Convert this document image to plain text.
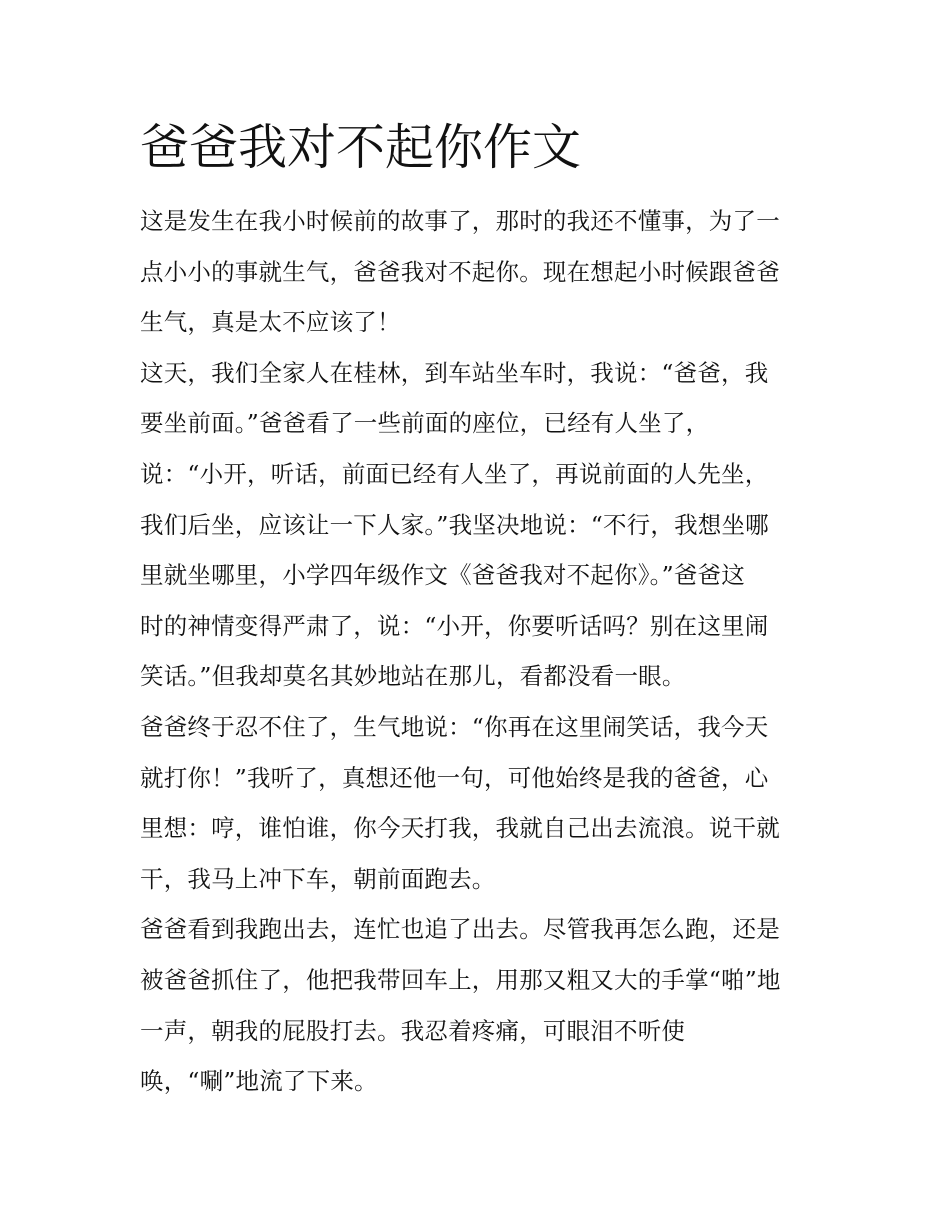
爸爸我对不起你作文
这是发生在我小时候前的故事了，那时的我还不懂事，为了一
点小小的事就生气，爸爸我对不起你。现在想起小时候跟爸爸
生气，真是太不应该了！
这天，我们全家人在桂林，到车站坐车时，我说：“爸爸，我
要坐前面。”爸爸看了一些前面的座位，已经有人坐了，
说：“小开，听话，前面已经有人坐了，再说前面的人先坐，
我们后坐，应该让一下人家。”我坚决地说：“不行，我想坐哪
里就坐哪里，小学四年级作文《爸爸我对不起你》。”爸爸这
时的神情变得严肃了，说：“小开，你要听话吗？别在这里闹
笑话。”但我却莫名其妙地站在那儿，看都没看一眼。
爸爸终于忍不住了，生气地说：“你再在这里闹笑话，我今天
就打你！”我听了，真想还他一句，可他始终是我的爸爸，心
里想：哼，谁怕谁，你今天打我，我就自己出去流浪。说干就
干，我马上冲下车，朝前面跑去。
爸爸看到我跑出去，连忙也追了出去。尽管我再怎么跑，还是
被爸爸抓住了，他把我带回车上，用那又粗又大的手掌“啪”地
一声，朝我的屁股打去。我忍着疼痛，可眼泪不听使
唤，“唰”地流了下来。
